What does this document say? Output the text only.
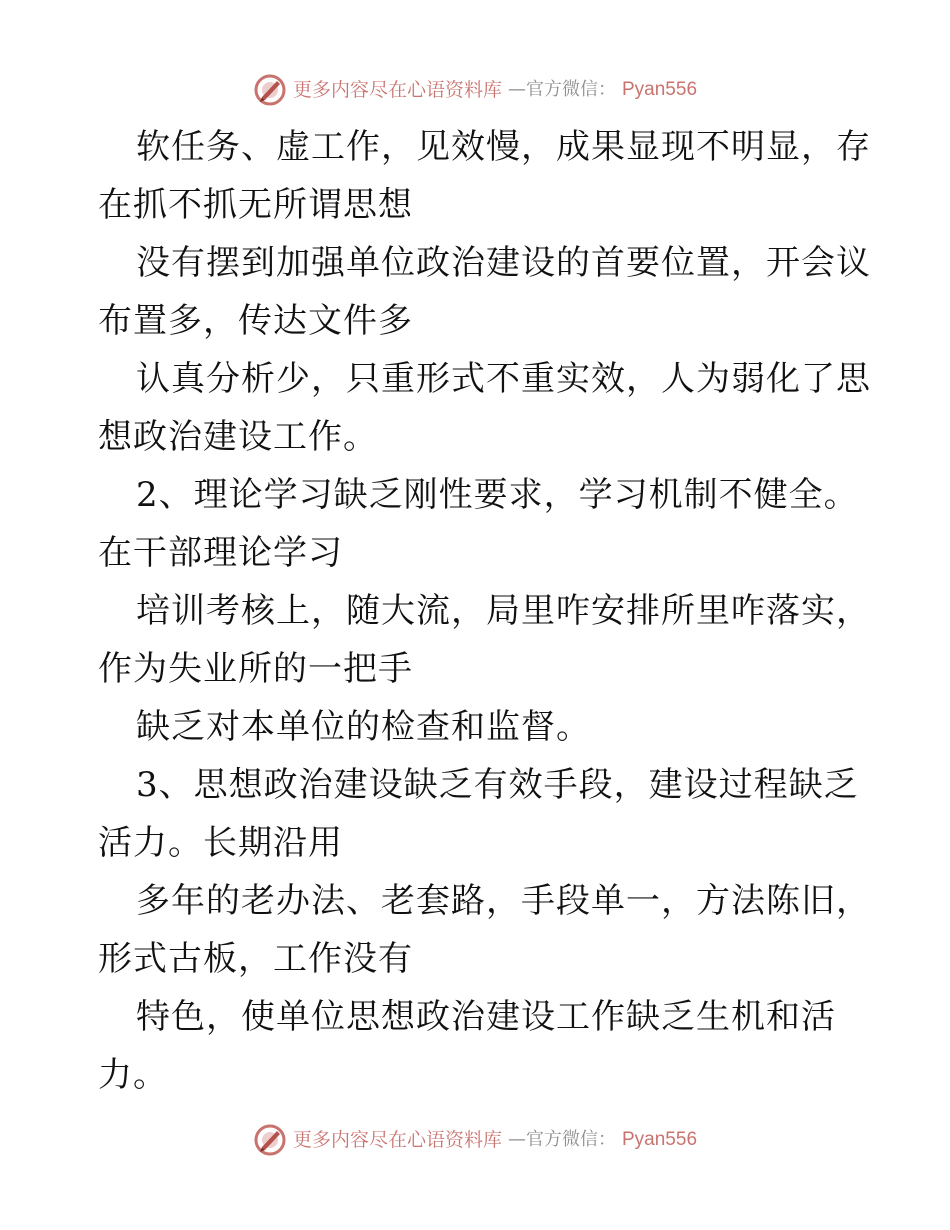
更多内容尽在心语资料库 —官方微信： Pyan556
软任务、虚工作，见效慢，成果显现不明显，存
在抓不抓无所谓思想
没有摆到加强单位政治建设的首要位置，开会议
布置多，传达文件多
认真分析少，只重形式不重实效，人为弱化了思
想政治建设工作。
2、理论学习缺乏刚性要求，学习机制不健全。
在干部理论学习
培训考核上，随大流，局里咋安排所里咋落实，
作为失业所的一把手
缺乏对本单位的检查和监督。
3、思想政治建设缺乏有效手段，建设过程缺乏
活力。长期沿用
多年的老办法、老套路，手段单一，方法陈旧，
形式古板，工作没有
特色，使单位思想政治建设工作缺乏生机和活
力。
更多内容尽在心语资料库 —官方微信： Pyan556
